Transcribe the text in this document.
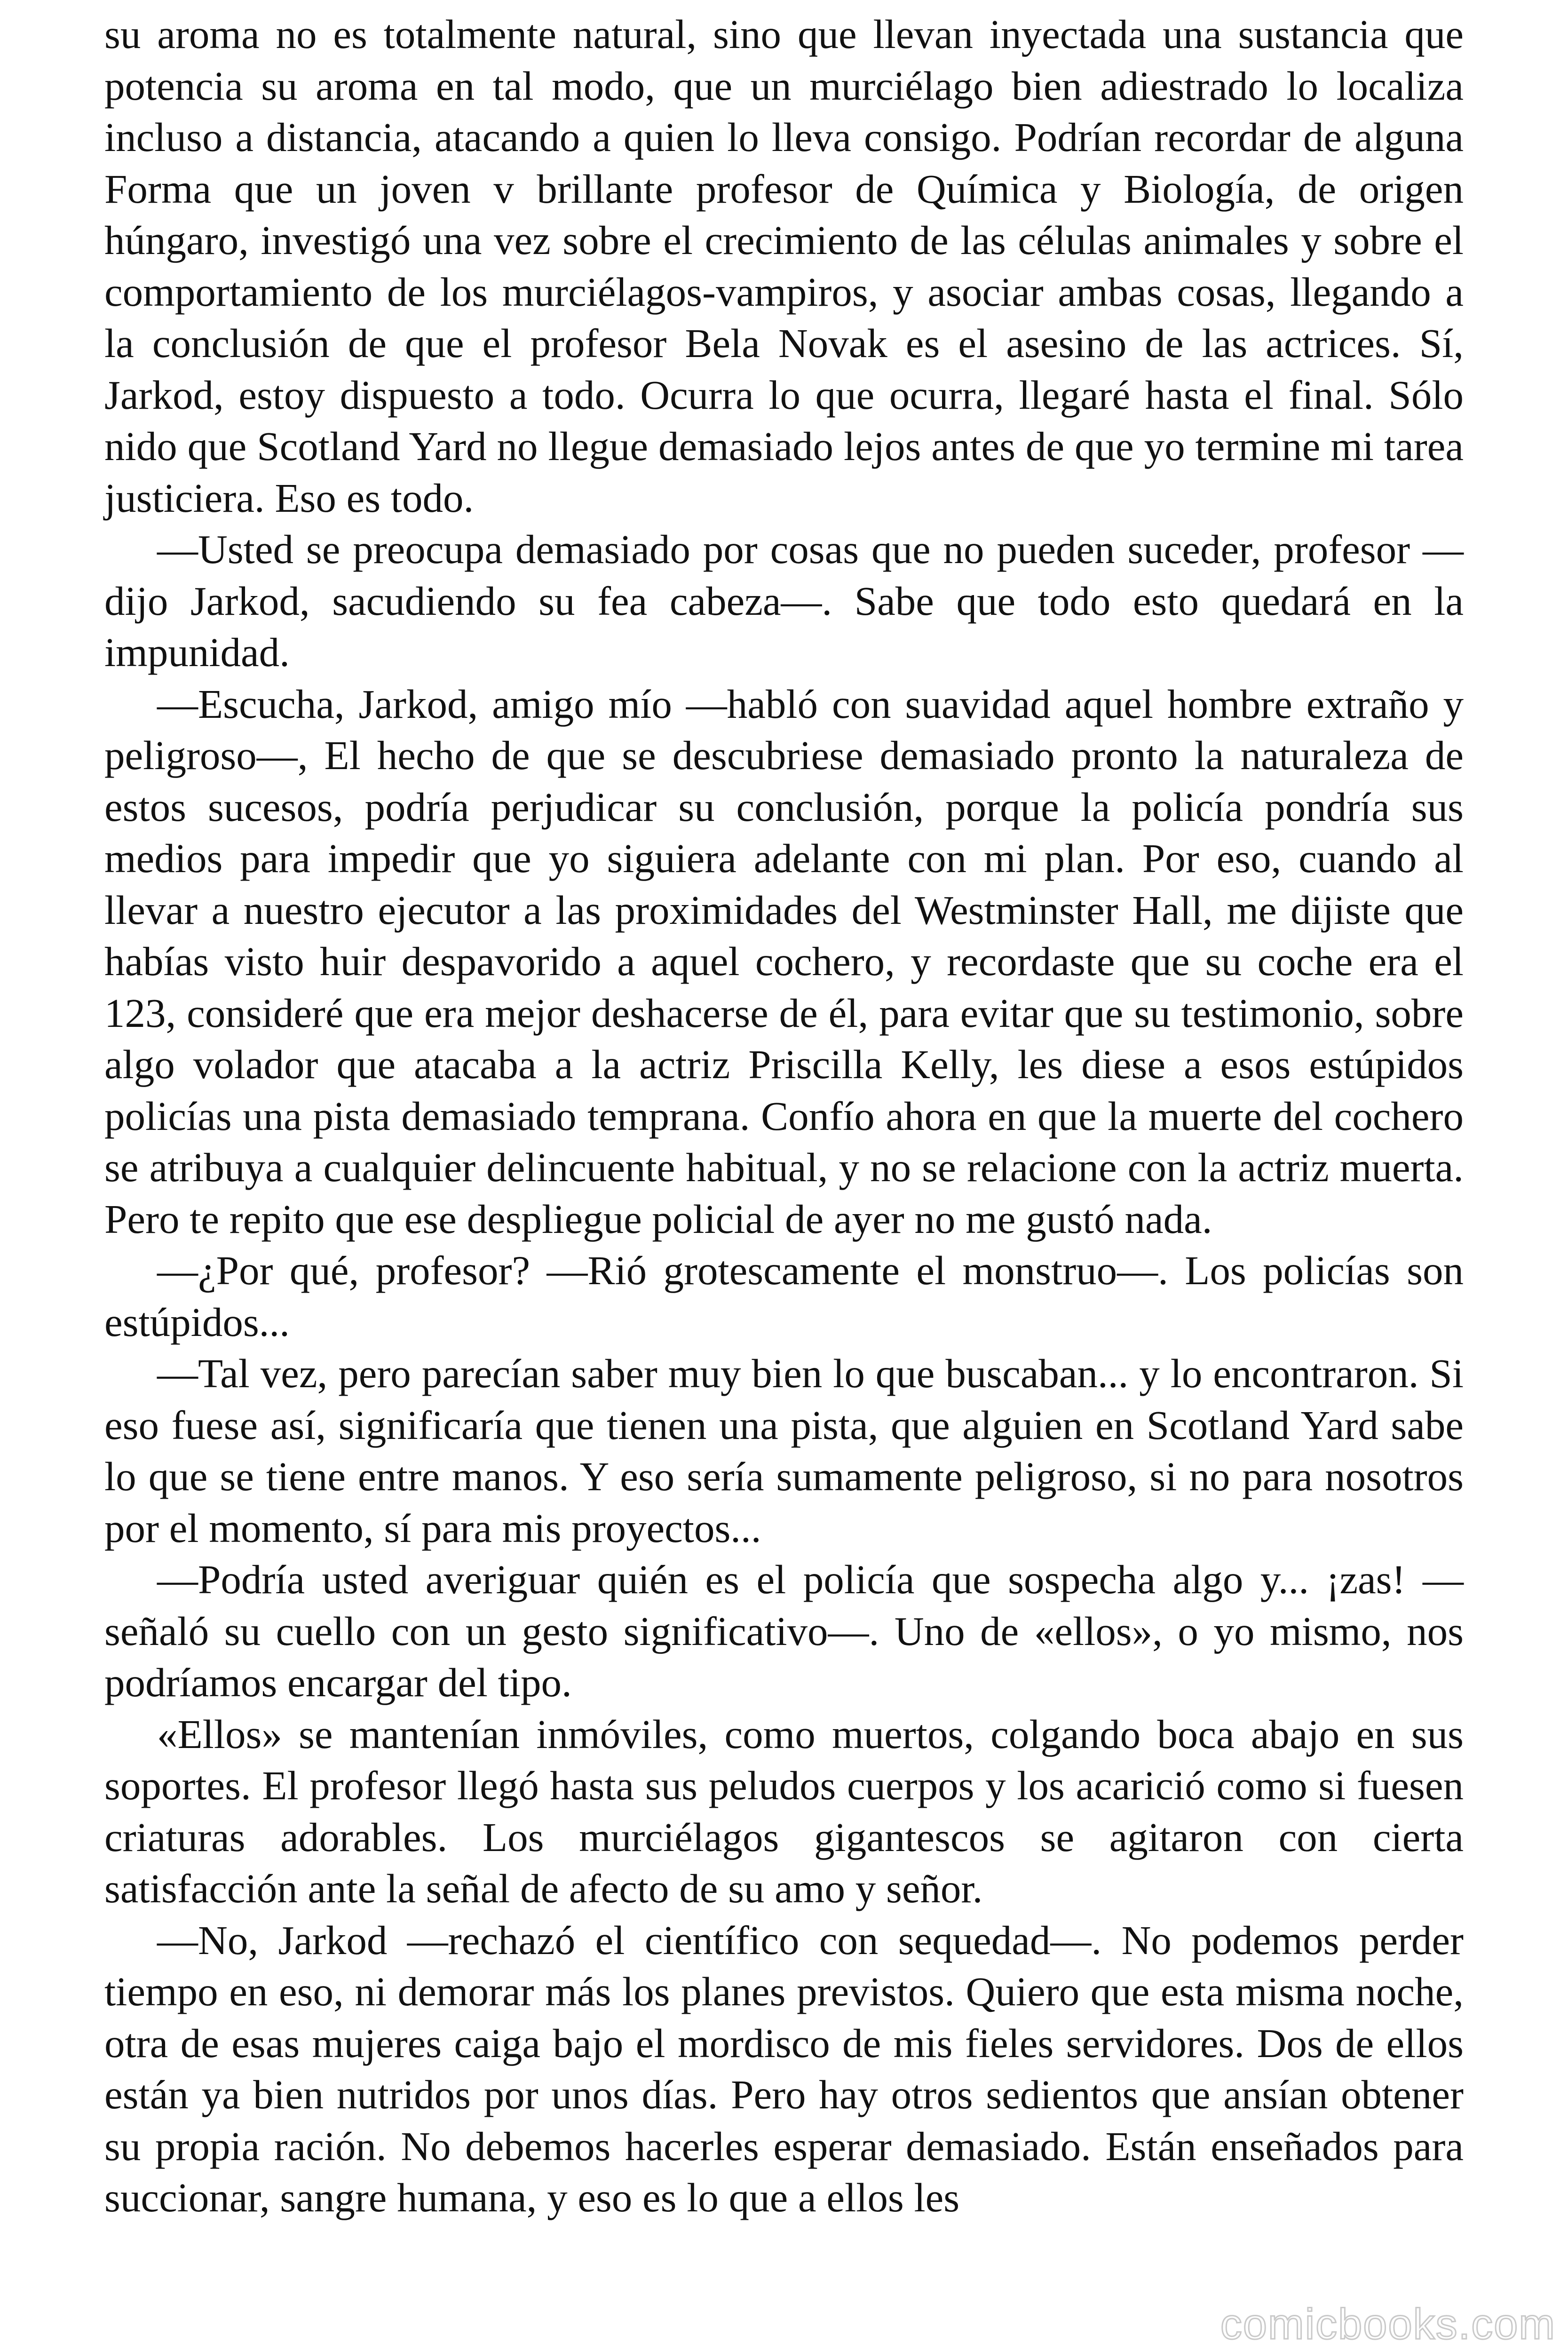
su aroma no es totalmente natural, sino que llevan inyectada una sustancia que potencia su aroma en tal modo, que un murciélago bien adiestrado lo localiza incluso a distancia, atacando a quien lo lleva consigo. Podrían recordar de alguna Forma que un joven v brillante profesor de Química y Biología, de origen húngaro, investigó una vez sobre el crecimiento de las células animales y sobre el comportamiento de los murciélagos-vampiros, y asociar ambas cosas, llegando a la conclusión de que el profesor Bela Novak es el asesino de las actrices. Sí, Jarkod, estoy dispuesto a todo. Ocurra lo que ocurra, llegaré hasta el final. Sólo nido que Scotland Yard no llegue demasiado lejos antes de que yo termine mi tarea justiciera. Eso es todo.

—Usted se preocupa demasiado por cosas que no pueden suceder, profesor —dijo Jarkod, sacudiendo su fea cabeza—. Sabe que todo esto quedará en la impunidad.

—Escucha, Jarkod, amigo mío —habló con suavidad aquel hombre extraño y peligroso—, El hecho de que se descubriese demasiado pronto la naturaleza de estos sucesos, podría perjudicar su conclusión, porque la policía pondría sus medios para impedir que yo siguiera adelante con mi plan. Por eso, cuando al llevar a nuestro ejecutor a las proximidades del Westminster Hall, me dijiste que habías visto huir despavorido a aquel cochero, y recordaste que su coche era el 123, consideré que era mejor deshacerse de él, para evitar que su testimonio, sobre algo volador que atacaba a la actriz Priscilla Kelly, les diese a esos estúpidos policías una pista demasiado temprana. Confío ahora en que la muerte del cochero se atribuya a cualquier delincuente habitual, y no se relacione con la actriz muerta. Pero te repito que ese despliegue policial de ayer no me gustó nada.

—¿Por qué, profesor? —Rió grotescamente el monstruo—. Los policías son estúpidos...

—Tal vez, pero parecían saber muy bien lo que buscaban... y lo encontraron. Si eso fuese así, significaría que tienen una pista, que alguien en Scotland Yard sabe lo que se tiene entre manos. Y eso sería sumamente peligroso, si no para nosotros por el momento, sí para mis proyectos...

—Podría usted averiguar quién es el policía que sospecha algo y... ¡zas! —señaló su cuello con un gesto significativo—. Uno de «ellos», o yo mismo, nos podríamos encargar del tipo.

«Ellos» se mantenían inmóviles, como muertos, colgando boca abajo en sus soportes. El profesor llegó hasta sus peludos cuerpos y los acarició como si fuesen criaturas adorables. Los murciélagos gigantescos se agitaron con cierta satisfacción ante la señal de afecto de su amo y señor.

—No, Jarkod —rechazó el científico con sequedad—. No podemos perder tiempo en eso, ni demorar más los planes previstos. Quiero que esta misma noche, otra de esas mujeres caiga bajo el mordisco de mis fieles servidores. Dos de ellos están ya bien nutridos por unos días. Pero hay otros sedientos que ansían obtener su propia ración. No debemos hacerles esperar demasiado. Están enseñados para succionar, sangre humana, y eso es lo que a ellos les

comicbooks.com
